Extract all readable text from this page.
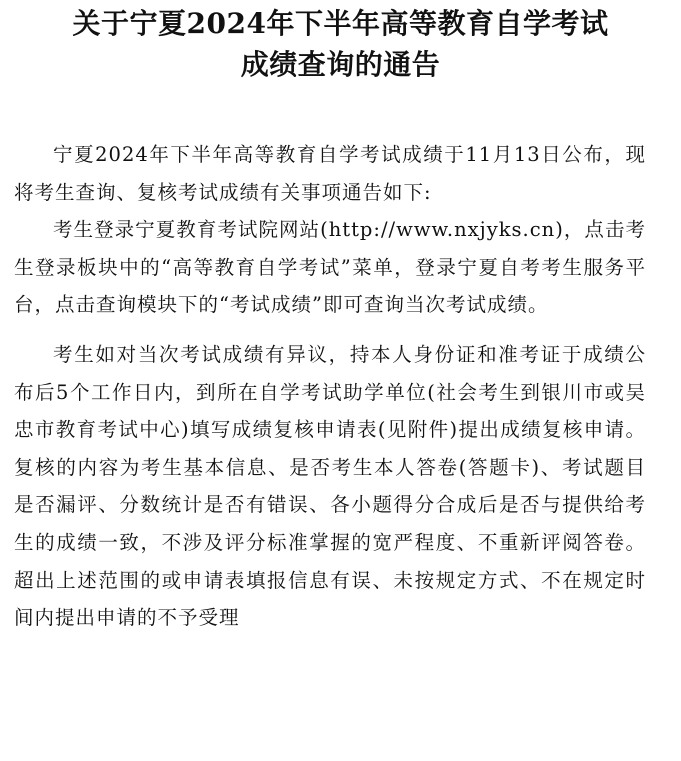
关于宁夏2024年下半年高等教育自学考试
成绩查询的通告

宁夏2024年下半年高等教育自学考试成绩于11月13日公布，现将考生查询、复核考试成绩有关事项通告如下:

考生登录宁夏教育考试院网站(http://www.nxjyks.cn)，点击考生登录板块中的“高等教育自学考试”菜单，登录宁夏自考考生服务平台，点击查询模块下的“考试成绩”即可查询当次考试成绩。

考生如对当次考试成绩有异议，持本人身份证和准考证于成绩公布后5个工作日内，到所在自学考试助学单位(社会考生到银川市或吴忠市教育考试中心)填写成绩复核申请表(见附件)提出成绩复核申请。复核的内容为考生基本信息、是否考生本人答卷(答题卡)、考试题目是否漏评、分数统计是否有错误、各小题得分合成后是否与提供给考生的成绩一致，不涉及评分标准掌握的宽严程度、不重新评阅答卷。超出上述范围的或申请表填报信息有误、未按规定方式、不在规定时间内提出申请的不予受理
